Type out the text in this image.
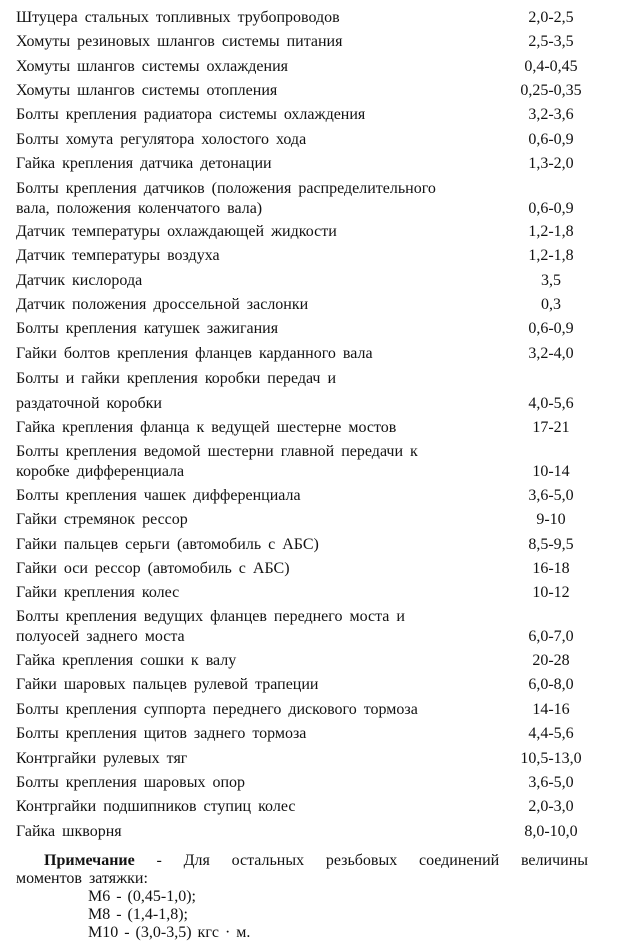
Штуцера стальных топливных трубопроводов	2,0-2,5
Хомуты резиновых шлангов системы питания	2,5-3,5
Хомуты шлангов системы охлаждения	0,4-0,45
Хомуты шлангов системы отопления	0,25-0,35
Болты крепления радиатора системы охлаждения	3,2-3,6
Болты хомута регулятора холостого хода	0,6-0,9
Гайка крепления датчика детонации	1,3-2,0
Болты крепления датчиков (положения распределительного
вала, положения коленчатого вала)	0,6-0,9
Датчик температуры охлаждающей жидкости	1,2-1,8
Датчик температуры воздуха	1,2-1,8
Датчик кислорода	3,5
Датчик положения дроссельной заслонки	0,3
Болты крепления катушек зажигания	0,6-0,9
Гайки болтов крепления фланцев карданного вала	3,2-4,0
Болты и гайки крепления коробки передач и
раздаточной коробки	4,0-5,6
Гайка крепления фланца к ведущей шестерне мостов	17-21
Болты крепления ведомой шестерни главной передачи к
коробке дифференциала	10-14
Болты крепления чашек дифференциала	3,6-5,0
Гайки стремянок рессор	9-10
Гайки пальцев серьги (автомобиль с АБС)	8,5-9,5
Гайки оси рессор (автомобиль с АБС)	16-18
Гайки крепления колес	10-12
Болты крепления ведущих фланцев переднего моста и
полуосей заднего моста	6,0-7,0
Гайка крепления сошки к валу	20-28
Гайки шаровых пальцев рулевой трапеции	6,0-8,0
Болты крепления суппорта переднего дискового тормоза	14-16
Болты крепления щитов заднего тормоза	4,4-5,6
Контргайки рулевых тяг	10,5-13,0
Болты крепления шаровых опор	3,6-5,0
Контргайки подшипников ступиц колес	2,0-3,0
Гайка шкворня	8,0-10,0
Примечание - Для остальных резьбовых соединений величины
моментов затяжки:
М6 - (0,45-1,0);
М8 - (1,4-1,8);
М10 - (3,0-3,5) кгс · м.
